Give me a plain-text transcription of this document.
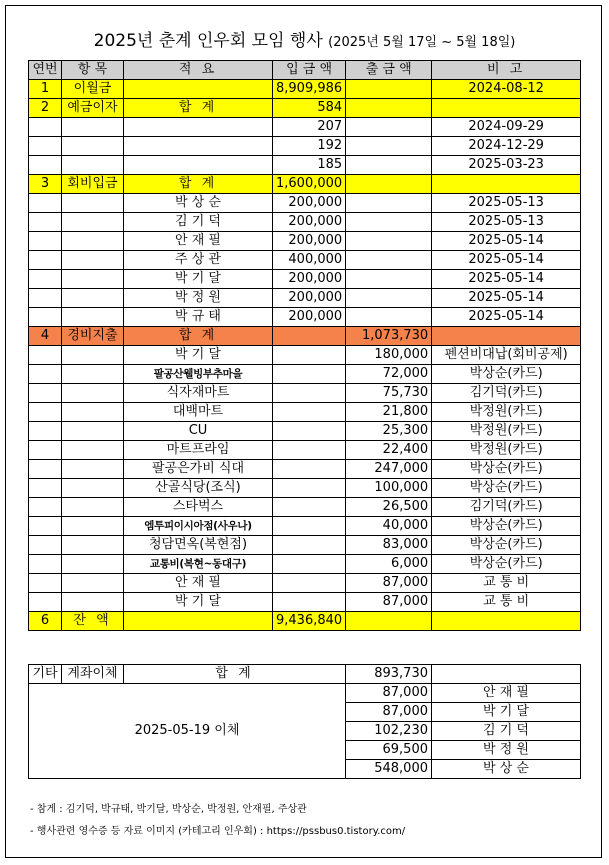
2025년 춘계 인우회 모임 행사 (2025년 5월 17일 ~ 5월 18일)
연번	항 목	적 요	입 금 액	출 금 액	비 고
1	이월금		8,909,986		2024-08-12
2	예금이자	합 계	584		
			207		2024-09-29
			192		2024-12-29
			185		2025-03-23
3	회비입금	합 계	1,600,000		
		박 상 순	200,000		2025-05-13
		김 기 덕	200,000		2025-05-13
		안 재 필	200,000		2025-05-14
		주 상 관	400,000		2025-05-14
		박 기 달	200,000		2025-05-14
		박 정 원	200,000		2025-05-14
		박 규 태	200,000		2025-05-14
4	경비지출	합 계		1,073,730	
		박 기 달		180,000	펜션비대납(회비공제)
		팔공산웰빙부추마을		72,000	박상순(카드)
		식자재마트		75,730	김기덕(카드)
		대백마트		21,800	박정원(카드)
		CU		25,300	박정원(카드)
		마트프라임		22,400	박정원(카드)
		팔공은가비 식대		247,000	박상순(카드)
		산골식당(조식)		100,000	박상순(카드)
		스타벅스		26,500	김기덕(카드)
		엠투피이시아점(사우나)		40,000	박상순(카드)
		청담면옥(복현점)		83,000	박상순(카드)
		교통비(복현~동대구)		6,000	박상순(카드)
		안 재 필		87,000	교 통 비
		박 기 달		87,000	교 통 비
6	잔 액		9,436,840		
기타	계좌이체	합 계	893,730	
2025-05-19 이체			87,000	안 재 필
			87,000	박 기 달
			102,230	김 기 덕
			69,500	박 정 원
			548,000	박 상 순
- 참게 : 김기덕, 박규태, 박기달, 박상순, 박정원, 안재필, 주상관
- 행사관련 영수증 등 자료 이미지 (카테고리 인우회) : https://pssbus0.tistory.com/
